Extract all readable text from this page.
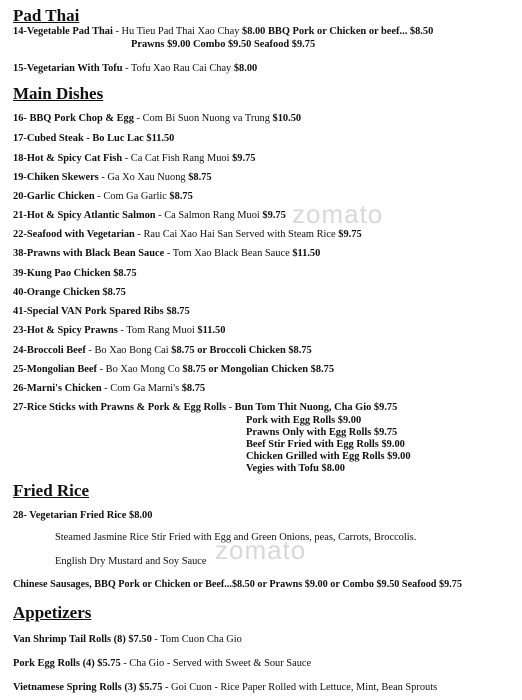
Pad Thai
14-Vegetable Pad Thai - Hu Tieu Pad Thai Xao Chay $8.00 BBQ Pork or Chicken or beef... $8.50
Prawns $9.00 Combo $9.50 Seafood $9.75
15-Vegetarian With Tofu - Tofu Xao Rau Cai Chay $8.00
Main Dishes
16- BBQ Pork Chop & Egg - Com Bi Suon Nuong va Trung $10.50
17-Cubed Steak - Bo Luc Lac $11.50
18-Hot & Spicy Cat Fish - Ca Cat Fish Rang Muoi $9.75
19-Chiken Skewers - Ga Xo Xau Nuong $8.75
20-Garlic Chicken - Com Ga Garlic $8.75
21-Hot & Spicy Atlantic Salmon - Ca Salmon Rang Muoi $9.75
22-Seafood with Vegetarian - Rau Cai Xao Hai San Served with Steam Rice $9.75
38-Prawns with Black Bean Sauce - Tom Xao Black Bean Sauce $11.50
39-Kung Pao Chicken $8.75
40-Orange Chicken $8.75
41-Special VAN Pork Spared Ribs $8.75
23-Hot & Spicy Prawns - Tom Rang Muoi $11.50
24-Broccoli Beef - Bo Xao Bong Cai $8.75 or Broccoli Chicken $8.75
25-Mongolian Beef - Bo Xao Mong Co $8.75 or Mongolian Chicken $8.75
26-Marni's Chicken - Com Ga Marni's $8.75
27-Rice Sticks with Prawns & Pork & Egg Rolls - Bun Tom Thit Nuong, Cha Gio $9.75
Pork with Egg Rolls $9.00
Prawns Only with Egg Rolls $9.75
Beef Stir Fried with Egg Rolls $9.00
Chicken Grilled with Egg Rolls $9.00
Vegies with Tofu $8.00
Fried Rice
28- Vegetarian Fried Rice $8.00
Steamed Jasmine Rice Stir Fried with Egg and Green Onions, peas, Carrots, Broccolis.
English Dry Mustard and Soy Sauce
Chinese Sausages, BBQ Pork or Chicken or Beef...$8.50 or Prawns $9.00 or Combo $9.50 Seafood $9.75
Appetizers
Van Shrimp Tail Rolls (8) $7.50 - Tom Cuon Cha Gio
Pork Egg Rolls (4) $5.75 - Cha Gio - Served with Sweet & Sour Sauce
Vietnamese Spring Rolls (3) $5.75 - Goi Cuon - Rice Paper Rolled with Lettuce, Mint, Bean Sprouts
zomato
zomato
